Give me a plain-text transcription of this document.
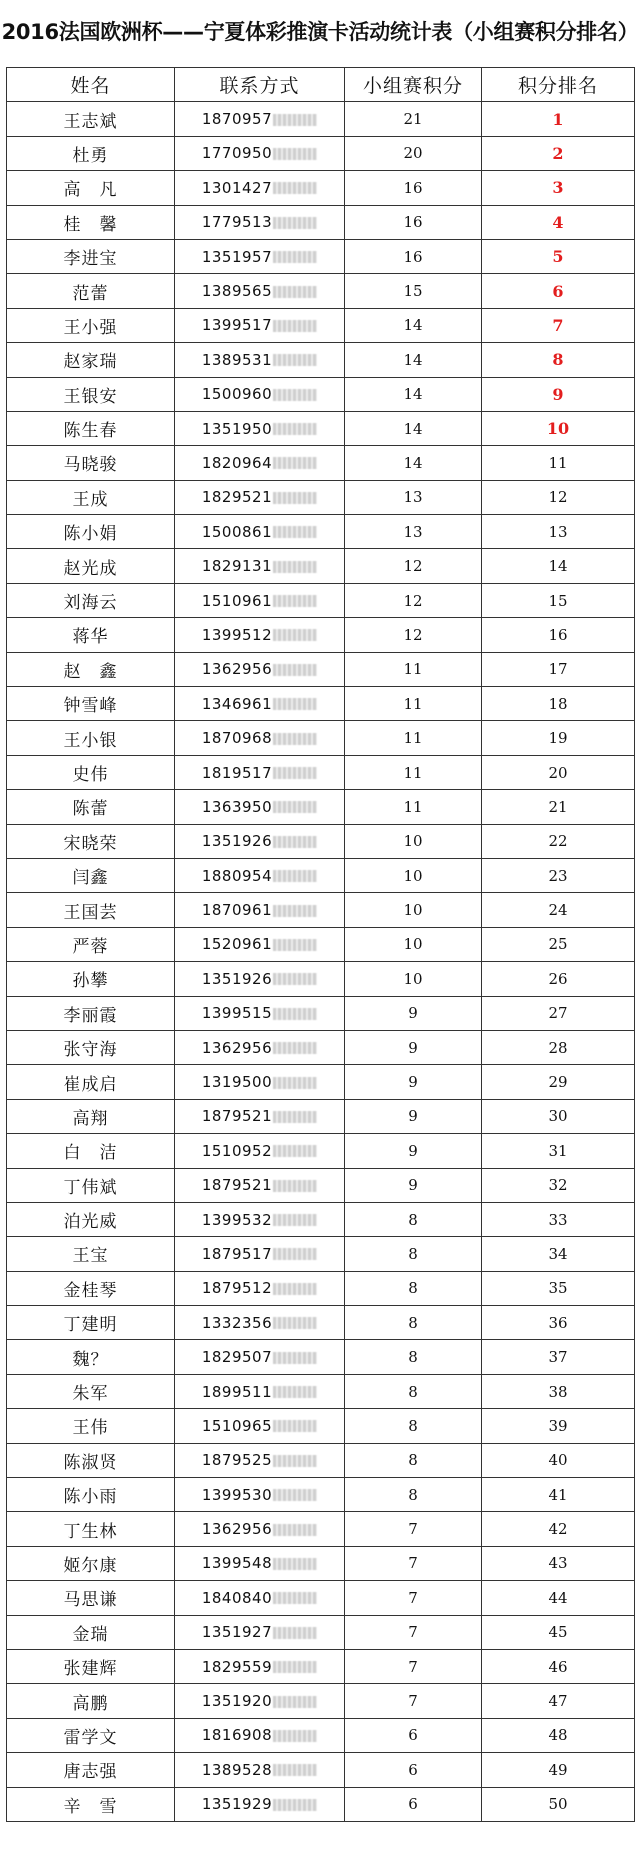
2016法国欧洲杯——宁夏体彩推演卡活动统计表（小组赛积分排名）
姓名	联系方式	小组赛积分	积分排名
王志斌	1870957	21	1
杜勇	1770950	20	2
高　凡	1301427	16	3
桂　馨	1779513	16	4
李进宝	1351957	16	5
范蕾	1389565	15	6
王小强	1399517	14	7
赵家瑞	1389531	14	8
王银安	1500960	14	9
陈生春	1351950	14	10
马晓骏	1820964	14	11
王成	1829521	13	12
陈小娟	1500861	13	13
赵光成	1829131	12	14
刘海云	1510961	12	15
蒋华	1399512	12	16
赵　鑫	1362956	11	17
钟雪峰	1346961	11	18
王小银	1870968	11	19
史伟	1819517	11	20
陈蕾	1363950	11	21
宋晓荣	1351926	10	22
闫鑫	1880954	10	23
王国芸	1870961	10	24
严蓉	1520961	10	25
孙攀	1351926	10	26
李丽霞	1399515	9	27
张守海	1362956	9	28
崔成启	1319500	9	29
高翔	1879521	9	30
白　洁	1510952	9	31
丁伟斌	1879521	9	32
泊光威	1399532	8	33
王宝	1879517	8	34
金桂琴	1879512	8	35
丁建明	1332356	8	36
魏？	1829507	8	37
朱军	1899511	8	38
王伟	1510965	8	39
陈淑贤	1879525	8	40
陈小雨	1399530	8	41
丁生林	1362956	7	42
姬尔康	1399548	7	43
马思谦	1840840	7	44
金瑞	1351927	7	45
张建辉	1829559	7	46
高鹏	1351920	7	47
雷学文	1816908	6	48
唐志强	1389528	6	49
辛　雪	1351929	6	50
